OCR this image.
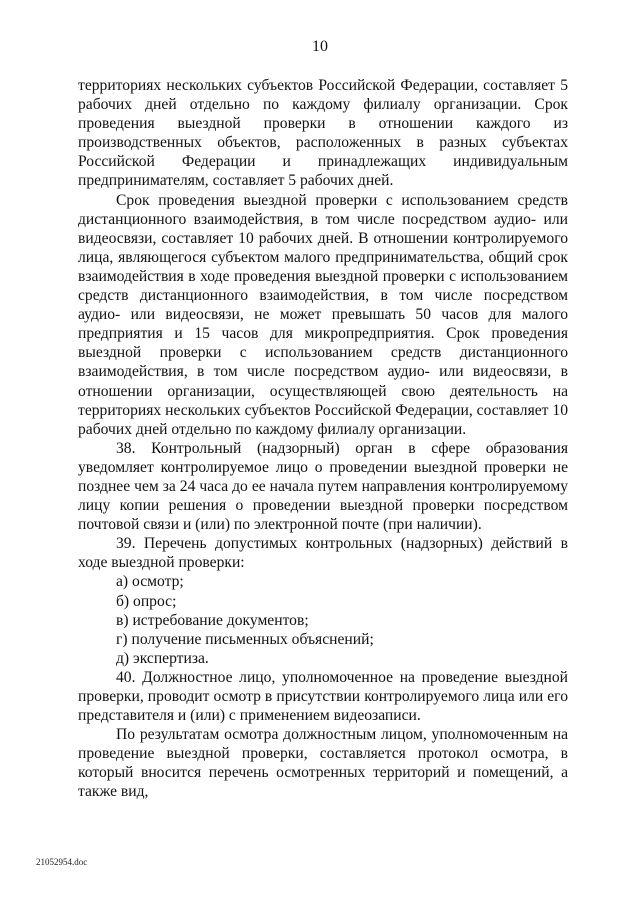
10

территориях нескольких субъектов Российской Федерации, составляет 5 рабочих дней отдельно по каждому филиалу организации. Срок проведения выездной проверки в отношении каждого из производственных объектов, расположенных в разных субъектах Российской Федерации и принадлежащих индивидуальным предпринимателям, составляет 5 рабочих дней.

Срок проведения выездной проверки с использованием средств дистанционного взаимодействия, в том числе посредством аудио- или видеосвязи, составляет 10 рабочих дней. В отношении контролируемого лица, являющегося субъектом малого предпринимательства, общий срок взаимодействия в ходе проведения выездной проверки с использованием средств дистанционного взаимодействия, в том числе посредством аудио- или видеосвязи, не может превышать 50 часов для малого предприятия и 15 часов для микропредприятия. Срок проведения выездной проверки с использованием средств дистанционного взаимодействия, в том числе посредством аудио- или видеосвязи, в отношении организации, осуществляющей свою деятельность на территориях нескольких субъектов Российской Федерации, составляет 10 рабочих дней отдельно по каждому филиалу организации.

38. Контрольный (надзорный) орган в сфере образования уведомляет контролируемое лицо о проведении выездной проверки не позднее чем за 24 часа до ее начала путем направления контролируемому лицу копии решения о проведении выездной проверки посредством почтовой связи и (или) по электронной почте (при наличии).

39. Перечень допустимых контрольных (надзорных) действий в ходе выездной проверки:

а) осмотр;

б) опрос;

в) истребование документов;

г) получение письменных объяснений;

д) экспертиза.

40. Должностное лицо, уполномоченное на проведение выездной проверки, проводит осмотр в присутствии контролируемого лица или его представителя и (или) с применением видеозаписи.

По результатам осмотра должностным лицом, уполномоченным на проведение выездной проверки, составляется протокол осмотра, в который вносится перечень осмотренных территорий и помещений, а также вид,

21052954.doc
